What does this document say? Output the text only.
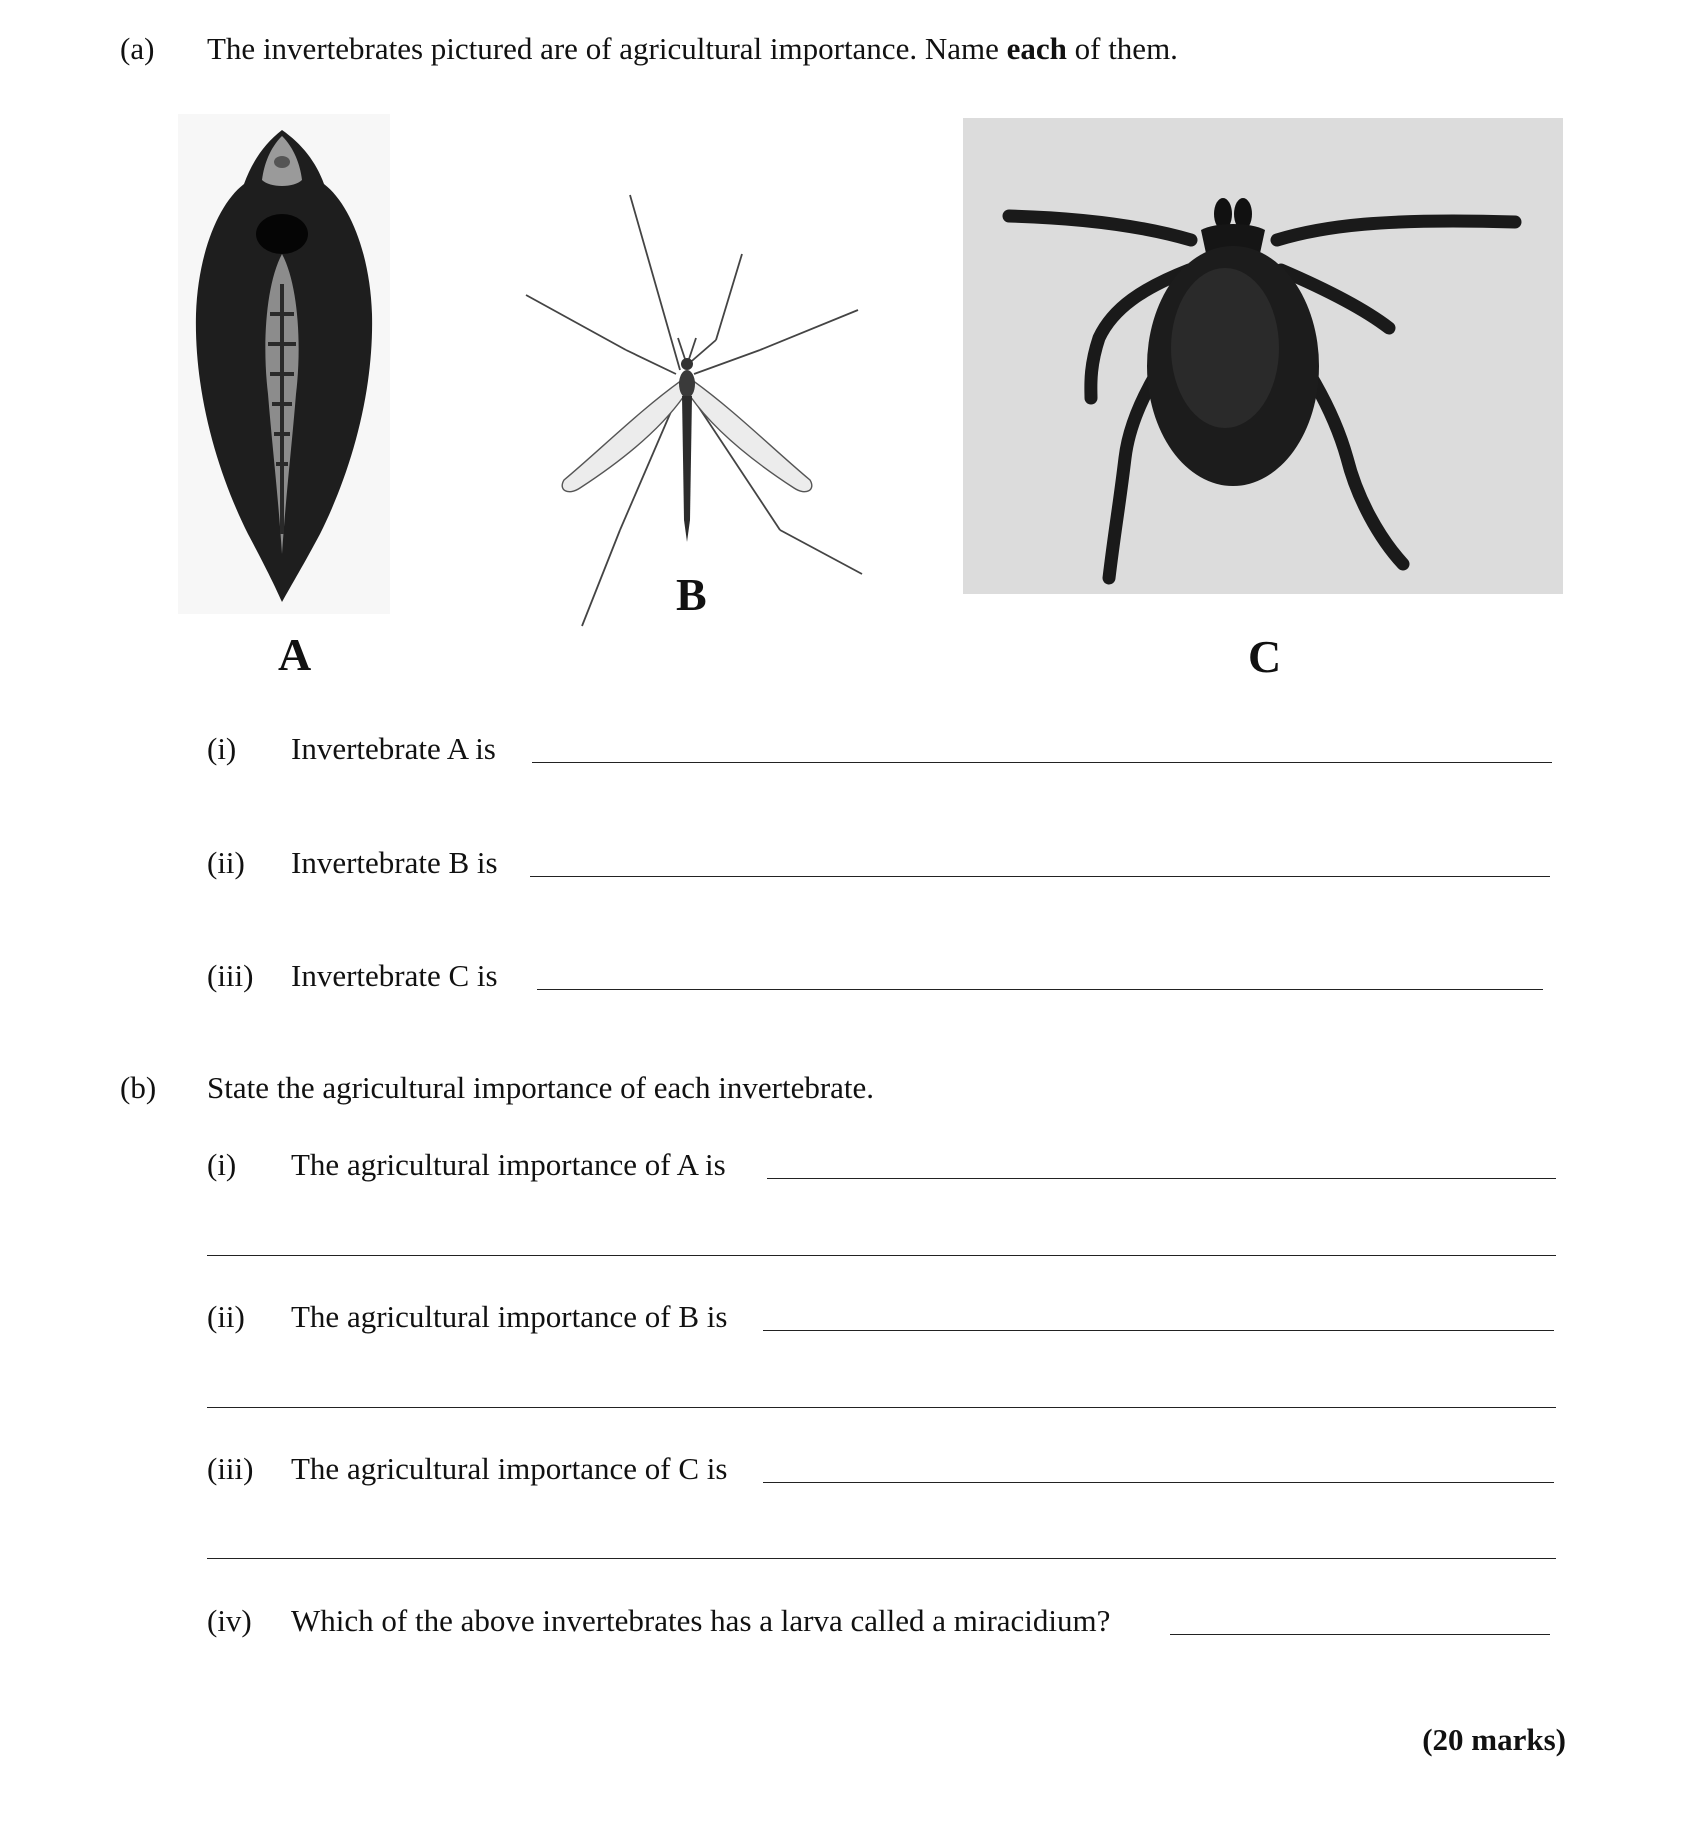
(a) The invertebrates pictured are of agricultural importance. Name each of them.
A
B
C
(i) Invertebrate A is
(ii) Invertebrate B is
(iii) Invertebrate C is
(b) State the agricultural importance of each invertebrate.
(i) The agricultural importance of A is
(ii) The agricultural importance of B is
(iii) The agricultural importance of C is
(iv) Which of the above invertebrates has a larva called a miracidium?
(20 marks)
